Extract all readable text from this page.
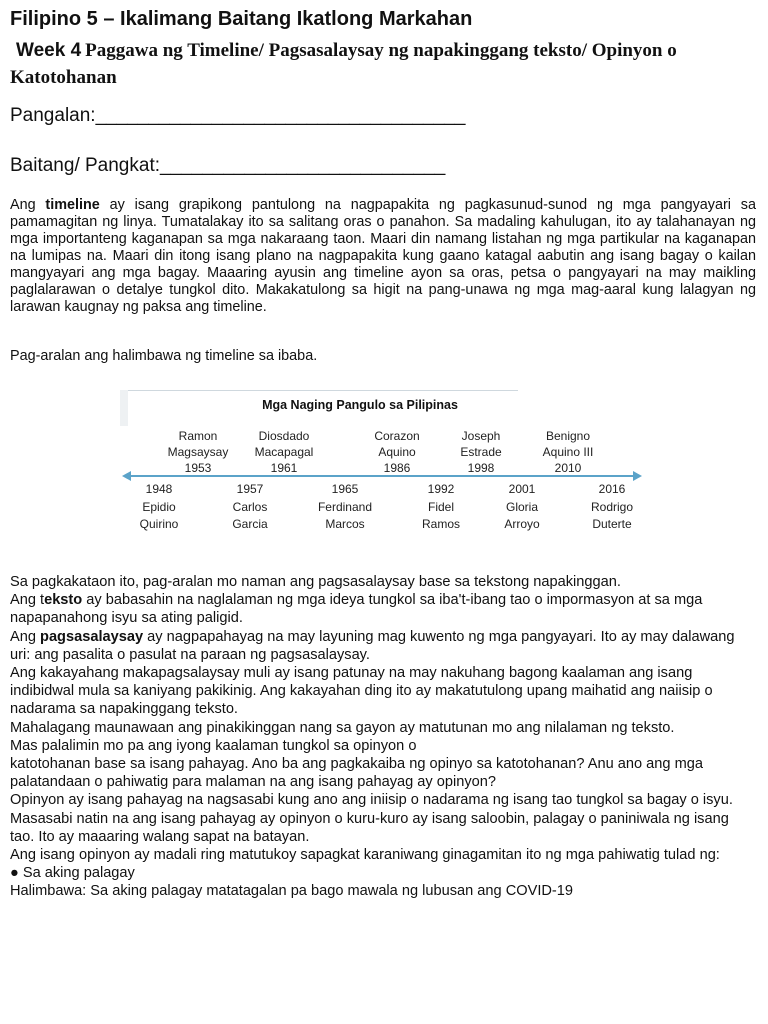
Filipino 5 – Ikalimang Baitang Ikatlong Markahan
Week 4 Paggawa ng Timeline/ Pagsasalaysay ng napakinggang teksto/ Opinyon o Katotohanan
Pangalan:___________________________________
Baitang/ Pangkat:___________________________

Ang timeline ay isang grapikong pantulong na nagpapakita ng pagkasunud-sunod ng mga pangyayari sa pamamagitan ng linya. Tumatalakay ito sa salitang oras o panahon. Sa madaling kahulugan, ito ay talahanayan ng mga importanteng kaganapan sa mga nakaraang taon. Maari din namang listahan ng mga partikular na kaganapan na lumipas na. Maari din itong isang plano na nagpapakita kung gaano katagal aabutin ang isang bagay o kailan mangyayari ang mga bagay. Maaaring ayusin ang timeline ayon sa oras, petsa o pangyayari na may maikling paglalarawan o detalye tungkol dito. Makakatulong sa higit na pang-unawa ng mga mag-aaral kung lalagyan ng larawan kaugnay ng paksa ang timeline.

Pag-aralan ang halimbawa ng timeline sa ibaba.

Mga Naging Pangulo sa Pilipinas
Ramon
Magsaysay
1953
Diosdado
Macapagal
1961
Corazon
Aquino
1986
Joseph
Estrade
1998
Benigno
Aquino III
2010
1948
Epidio
Quirino
1957
Carlos
Garcia
1965
Ferdinand
Marcos
1992
Fidel
Ramos
2001
Gloria
Arroyo
2016
Rodrigo
Duterte
Sa pagkakataon ito, pag-aralan mo naman ang pagsasalaysay base sa tekstong napakinggan.
Ang teksto ay babasahin na naglalaman ng mga ideya tungkol sa iba't-ibang tao o impormasyon at sa mga napapanahong isyu sa ating paligid.
Ang pagsasalaysay ay nagpapahayag na may layuning mag kuwento ng mga pangyayari. Ito ay may dalawang uri: ang pasalita o pasulat na paraan ng pagsasalaysay.
Ang kakayahang makapagsalaysay muli ay isang patunay na may nakuhang bagong kaalaman ang isang indibidwal mula sa kaniyang pakikinig. Ang kakayahan ding ito ay makatutulong upang maihatid ang naiisip o nadarama sa napakinggang teksto.
Mahalagang maunawaan ang pinakikinggan nang sa gayon ay matutunan mo ang nilalaman ng teksto.
Mas palalimin mo pa ang iyong kaalaman tungkol sa opinyon o
katotohanan base sa isang pahayag. Ano ba ang pagkakaiba ng opinyo sa katotohanan? Anu ano ang mga palatandaan o pahiwatig para malaman na ang isang pahayag ay opinyon?
Opinyon ay isang pahayag na nagsasabi kung ano ang iniisip o nadarama ng isang tao tungkol sa bagay o isyu.
Masasabi natin na ang isang pahayag ay opinyon o kuru-kuro ay isang saloobin, palagay o paniniwala ng isang tao. Ito ay maaaring walang sapat na batayan.
Ang isang opinyon ay madali ring matutukoy sapagkat karaniwang ginagamitan ito ng mga pahiwatig tulad ng:
● Sa aking palagay
Halimbawa: Sa aking palagay matatagalan pa bago mawala ng lubusan ang COVID-19
